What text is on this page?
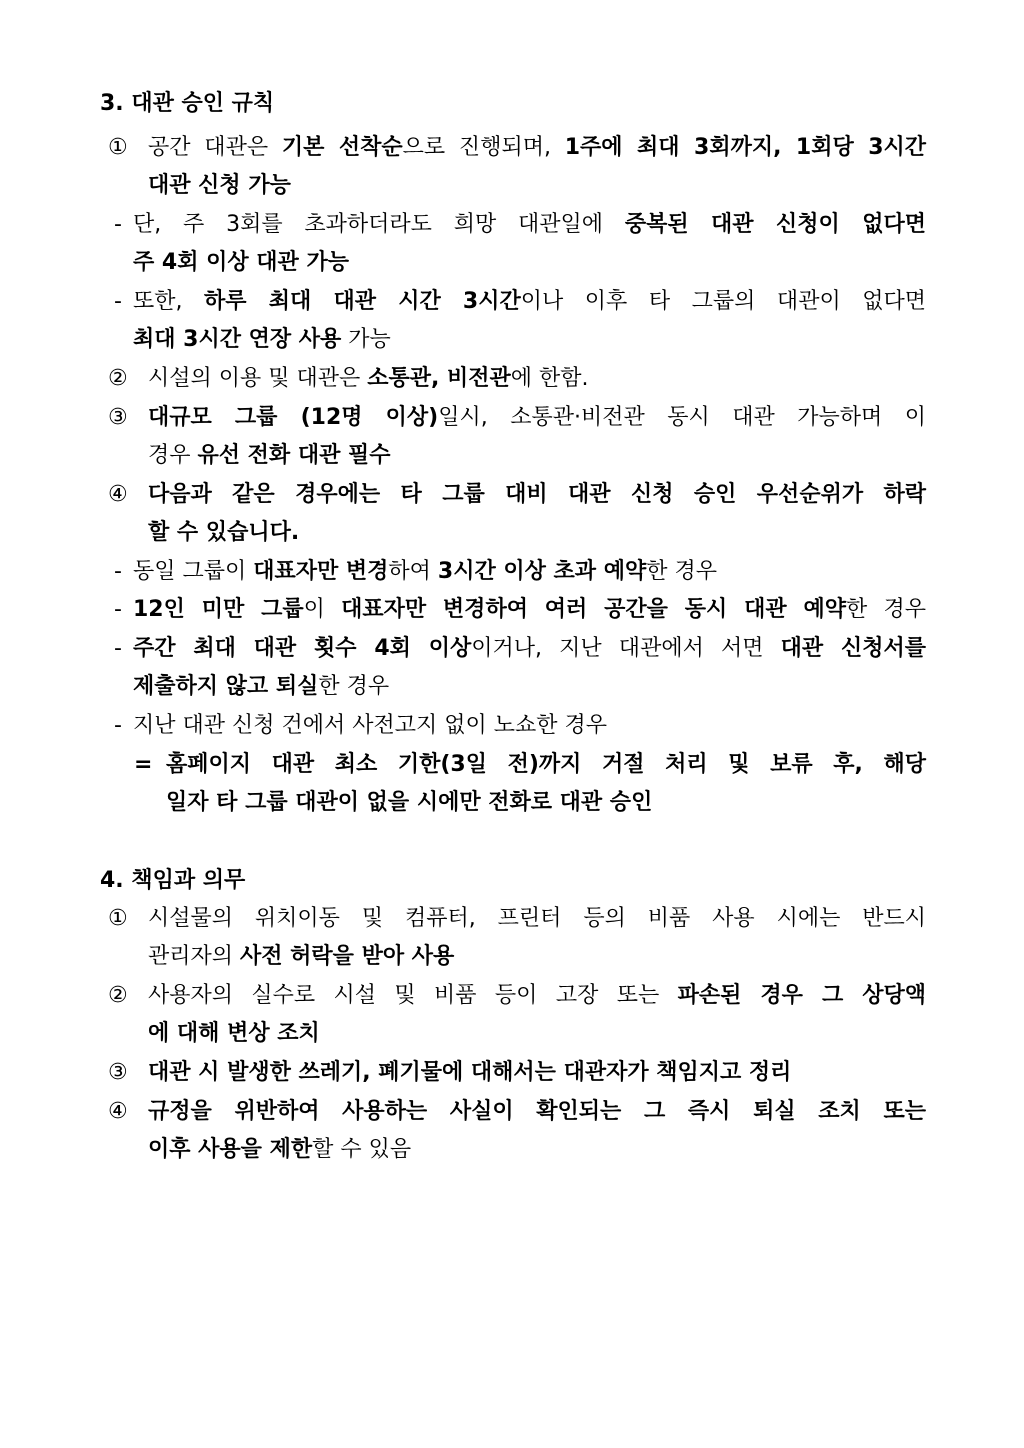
3. 대관 승인 규칙
① 공간 대관은 기본 선착순으로 진행되며, 1주에 최대 3회까지, 1회당 3시간
대관 신청 가능
- 단, 주 3회를 초과하더라도 희망 대관일에 중복된 대관 신청이 없다면
주 4회 이상 대관 가능
- 또한, 하루 최대 대관 시간 3시간이나 이후 타 그룹의 대관이 없다면
최대 3시간 연장 사용 가능
② 시설의 이용 및 대관은 소통관, 비전관에 한함.
③ 대규모 그룹 (12명 이상)일시, 소통관·비전관 동시 대관 가능하며 이
경우 유선 전화 대관 필수
④ 다음과 같은 경우에는 타 그룹 대비 대관 신청 승인 우선순위가 하락
할 수 있습니다.
- 동일 그룹이 대표자만 변경하여 3시간 이상 초과 예약한 경우
- 12인 미만 그룹이 대표자만 변경하여 여러 공간을 동시 대관 예약한 경우
- 주간 최대 대관 횟수 4회 이상이거나, 지난 대관에서 서면 대관 신청서를
제출하지 않고 퇴실한 경우
- 지난 대관 신청 건에서 사전고지 없이 노쇼한 경우
= 홈페이지 대관 최소 기한(3일 전)까지 거절 처리 및 보류 후, 해당
일자 타 그룹 대관이 없을 시에만 전화로 대관 승인
4. 책임과 의무
① 시설물의 위치이동 및 컴퓨터, 프린터 등의 비품 사용 시에는 반드시
관리자의 사전 허락을 받아 사용
② 사용자의 실수로 시설 및 비품 등이 고장 또는 파손된 경우 그 상당액
에 대해 변상 조치
③ 대관 시 발생한 쓰레기, 폐기물에 대해서는 대관자가 책임지고 정리
④ 규정을 위반하여 사용하는 사실이 확인되는 그 즉시 퇴실 조치 또는
이후 사용을 제한할 수 있음
